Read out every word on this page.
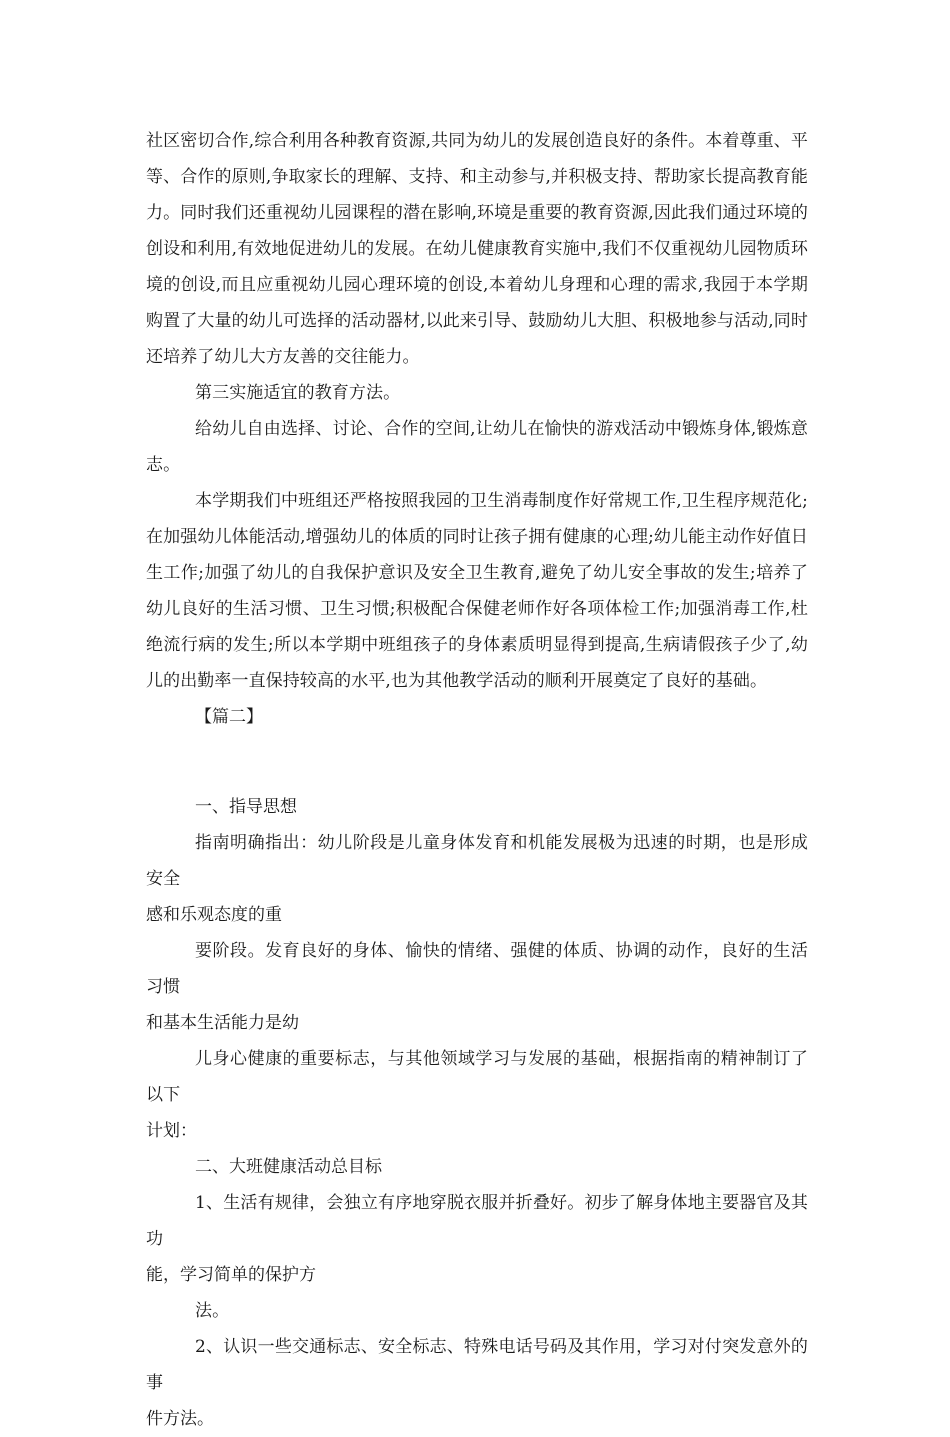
社区密切合作,综合利用各种教育资源,共同为幼儿的发展创造良好的条件。本着尊重、平等、合作的原则,争取家长的理解、支持、和主动参与,并积极支持、帮助家长提高教育能力。同时我们还重视幼儿园课程的潜在影响,环境是重要的教育资源,因此我们通过环境的创设和利用,有效地促进幼儿的发展。在幼儿健康教育实施中,我们不仅重视幼儿园物质环境的创设,而且应重视幼儿园心理环境的创设,本着幼儿身理和心理的需求,我园于本学期购置了大量的幼儿可选择的活动器材,以此来引导、鼓励幼儿大胆、积极地参与活动,同时还培养了幼儿大方友善的交往能力。

第三实施适宜的教育方法。

给幼儿自由选择、讨论、合作的空间,让幼儿在愉快的游戏活动中锻炼身体,锻炼意志。

本学期我们中班组还严格按照我园的卫生消毒制度作好常规工作,卫生程序规范化;在加强幼儿体能活动,增强幼儿的体质的同时让孩子拥有健康的心理;幼儿能主动作好值日生工作;加强了幼儿的自我保护意识及安全卫生教育,避免了幼儿安全事故的发生;培养了幼儿良好的生活习惯、卫生习惯;积极配合保健老师作好各项体检工作;加强消毒工作,杜绝流行病的发生;所以本学期中班组孩子的身体素质明显得到提高,生病请假孩子少了,幼儿的出勤率一直保持较高的水平,也为其他教学活动的顺利开展奠定了良好的基础。

【篇二】

一、指导思想

指南明确指出：幼儿阶段是儿童身体发育和机能发展极为迅速的时期，也是形成安全

感和乐观态度的重

要阶段。发育良好的身体、愉快的情绪、强健的体质、协调的动作，良好的生活习惯

和基本生活能力是幼

儿身心健康的重要标志，与其他领域学习与发展的基础，根据指南的精神制订了以下

计划：

二、大班健康活动总目标

1、生活有规律，会独立有序地穿脱衣服并折叠好。初步了解身体地主要器官及其功

能，学习简单的保护方

法。

2、认识一些交通标志、安全标志、特殊电话号码及其作用，学习对付突发意外的事

件方法。
